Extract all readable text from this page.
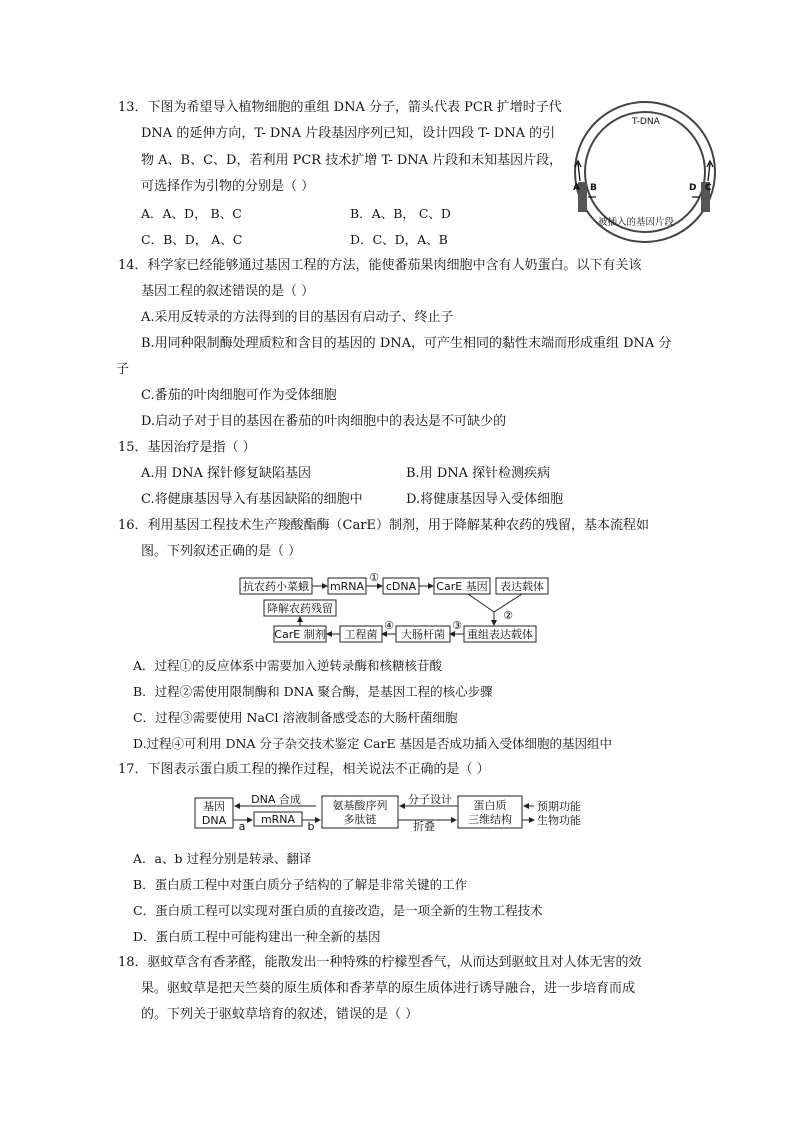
13．下图为希望导入植物细胞的重组 DNA 分子，箭头代表 PCR 扩增时子代
DNA 的延伸方向，T- DNA 片段基因序列已知，设计四段 T- DNA 的引
物 A、B、C、D，若利用 PCR 技术扩增 T- DNA 片段和未知基因片段，
可选择作为引物的分别是（ ）
A．A、D， B、C	B．A、B， C、D
C．B、D， A、C	D．C、D，A、B
T-DNA
A B	D C
被插入的基因片段
14．科学家已经能够通过基因工程的方法，能使番茄果肉细胞中含有人奶蛋白。以下有关该
基因工程的叙述错误的是（ ）
A.采用反转录的方法得到的目的基因有启动子、终止子
B.用同种限制酶处理质粒和含目的基因的 DNA，可产生相同的黏性末端而形成重组 DNA 分
子
C.番茄的叶肉细胞可作为受体细胞
D.启动子对于目的基因在番茄的叶肉细胞中的表达是不可缺少的
15．基因治疗是指（ ）
A.用 DNA 探针修复缺陷基因	B.用 DNA 探针检测疾病
C.将健康基因导入有基因缺陷的细胞中	D.将健康基因导入受体细胞
16．利用基因工程技术生产羧酸酯酶（CarE）制剂，用于降解某种农药的残留，基本流程如
图。下列叙述正确的是（ ）
抗农药小菜蛾 mRNA
①
cDNA CarE 基因 表达载体
②
降解农药残留
重组表达载体
③
大肠杆菌
④
工程菌
CarE 制剂
A．过程①的反应体系中需要加入逆转录酶和核糖核苷酸
B．过程②需使用限制酶和 DNA 聚合酶，是基因工程的核心步骤
C．过程③需要使用 NaCl 溶液制备感受态的大肠杆菌细胞
D.过程④可利用 DNA 分子杂交技术鉴定 CarE 基因是否成功插入受体细胞的基因组中
17．下图表示蛋白质工程的操作过程，相关说法不正确的是（ ）
基因
DNA
DNA 合成
a
mRNA
b
氨基酸序列
多肽链
分子设计
折叠
蛋白质
三维结构
预期功能
生物功能
A．a、b 过程分别是转录、翻译
B．蛋白质工程中对蛋白质分子结构的了解是非常关键的工作
C．蛋白质工程可以实现对蛋白质的直接改造，是一项全新的生物工程技术
D．蛋白质工程中可能构建出一种全新的基因
18．驱蚊草含有香茅醛，能散发出一种特殊的柠檬型香气，从而达到驱蚊且对人体无害的效
果。驱蚊草是把天竺葵的原生质体和香茅草的原生质体进行诱导融合，进一步培育而成
的。下列关于驱蚊草培育的叙述，错误的是（ ）
